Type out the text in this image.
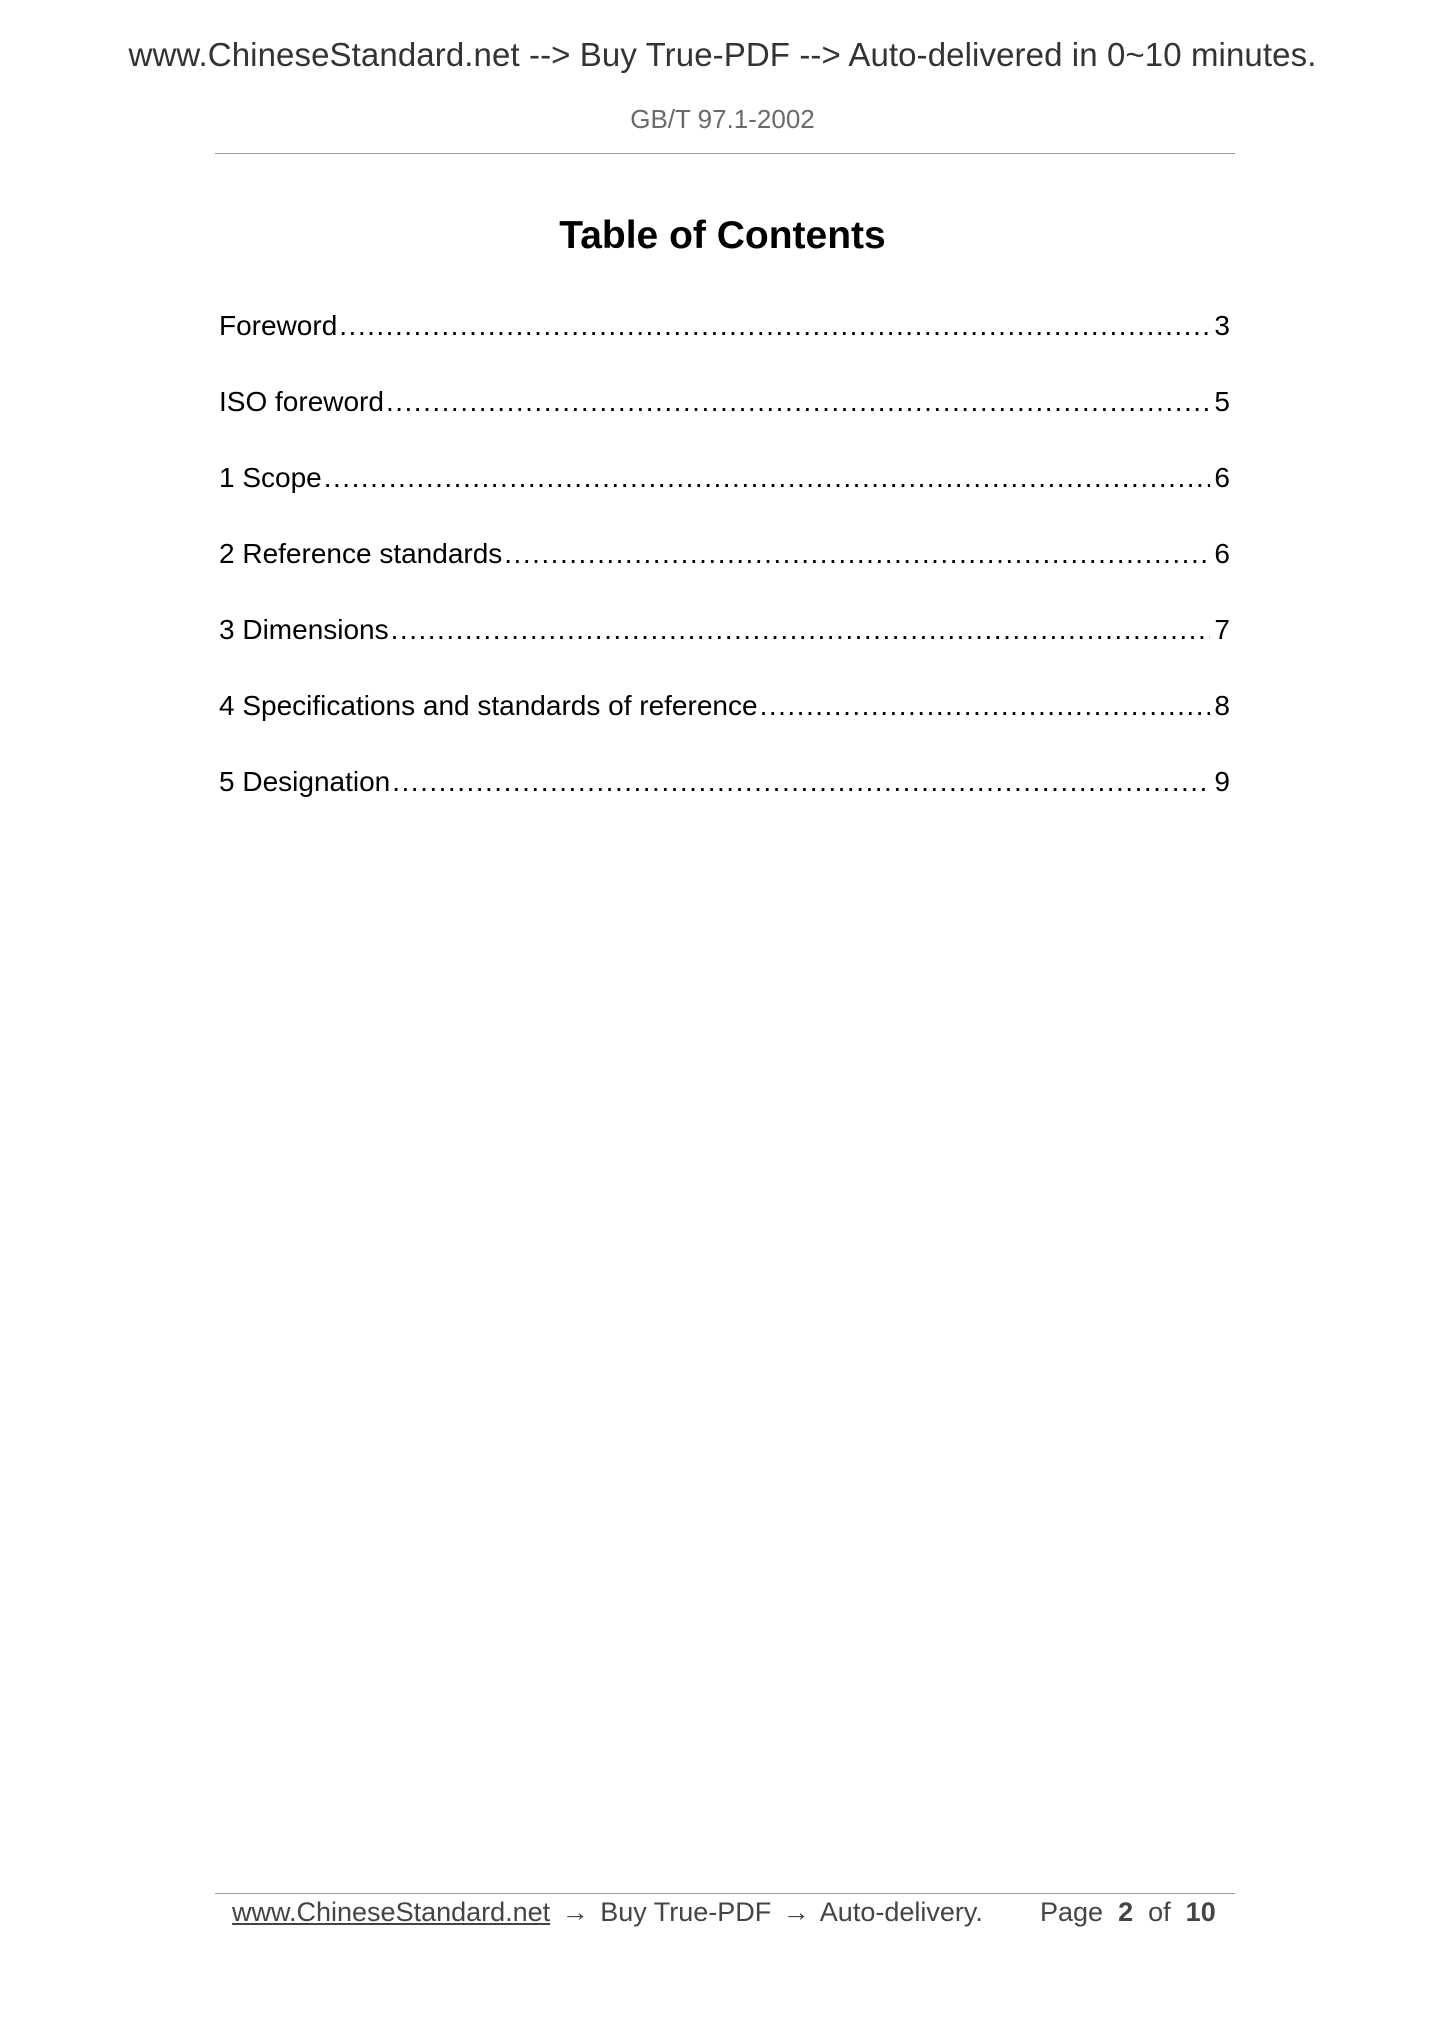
www.ChineseStandard.net --> Buy True-PDF --> Auto-delivered in 0~10 minutes.
GB/T 97.1-2002
Table of Contents
Foreword .....	3
ISO foreword .....	5
1 Scope .....	6
2 Reference standards .....	6
3 Dimensions .....	7
4 Specifications and standards of reference .....	8
5 Designation .....	9
www.ChineseStandard.net → Buy True-PDF → Auto-delivery. Page 2 of 10
